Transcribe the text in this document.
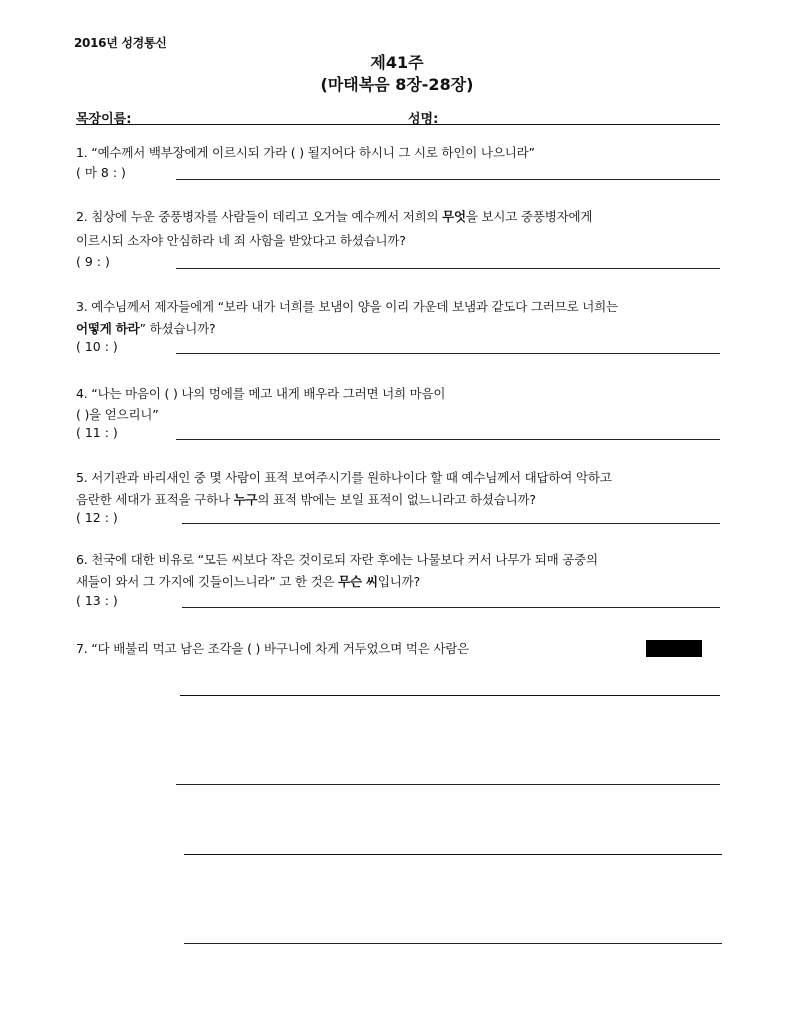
2016년 성경통신
제41주
(마태복음 8장-28장)
목장이름:	성명:
1. “예수께서 백부장에게 이르시되 가라 ( ) 될지어다 하시니 그 시로 하인이 나으니라”
( 마 8 : )
2. 침상에 누운 중풍병자를 사람들이 데리고 오거늘 예수께서 저희의 무엇을 보시고 중풍병자에게
이르시되 소자야 안심하라 네 죄 사함을 받았다고 하셨습니까?
( 9 : )
3. 예수님께서 제자들에게 “보라 내가 너희를 보냄이 양을 이리 가운데 보냄과 같도다 그러므로 너희는
어떻게 하라” 하셨습니까?
( 10 : )
4. “나는 마음이 ( ) 나의 멍에를 메고 내게 배우라 그러면 너희 마음이
( )을 얻으리니”
( 11 : )
5. 서기관과 바리새인 중 몇 사람이 표적 보여주시기를 원하나이다 할 때 예수님께서 대답하여 악하고
음란한 세대가 표적을 구하나 누구의 표적 밖에는 보일 표적이 없느니라고 하셨습니까?
( 12 : )
6. 천국에 대한 비유로 “모든 씨보다 작은 것이로되 자란 후에는 나물보다 커서 나무가 되매 공중의
새들이 와서 그 가지에 깃들이느니라” 고 한 것은 무슨 씨입니까?
( 13 : )
7. “다 배불리 먹고 남은 조각을 ( ) 바구니에 차게 거두었으며 먹은 사람은
